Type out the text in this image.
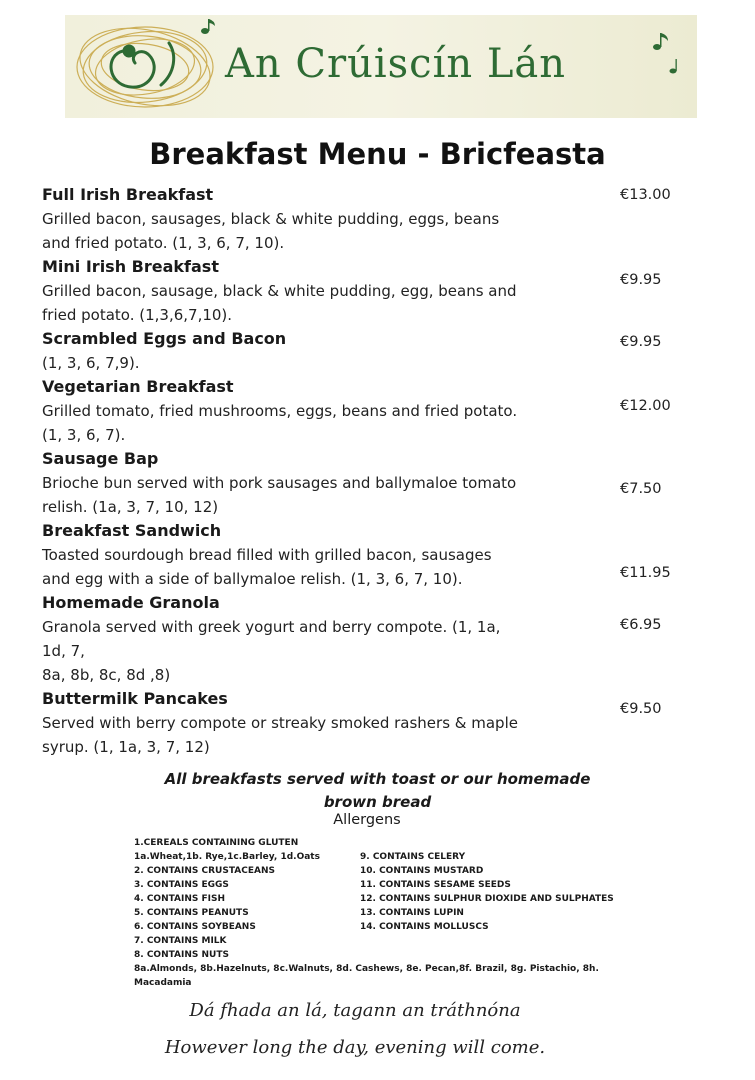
An Crúiscín Lán
Breakfast Menu - Bricfeasta
Full Irish Breakfast
Grilled bacon, sausages, black & white pudding, eggs, beans
and fried potato. (1, 3, 6, 7, 10).
€13.00
Mini Irish Breakfast
Grilled bacon, sausage, black & white pudding, egg, beans and
fried potato. (1,3,6,7,10).
€9.95
Scrambled Eggs and Bacon
(1, 3, 6, 7,9).
€9.95
Vegetarian Breakfast
Grilled tomato, fried mushrooms, eggs, beans and fried potato.
(1, 3, 6, 7).
€12.00
Sausage Bap
Brioche bun served with pork sausages and ballymaloe tomato
relish. (1a, 3, 7, 10, 12)
€7.50
Breakfast Sandwich
Toasted sourdough bread filled with grilled bacon, sausages
and egg with a side of ballymaloe relish. (1, 3, 6, 7, 10).	€11.95
Homemade Granola
Granola served with greek yogurt and berry compote. (1, 1a,
1d, 7,
8a, 8b, 8c, 8d ,8)
€6.95
Buttermilk Pancakes
Served with berry compote or streaky smoked rashers & maple
syrup. (1, 1a, 3, 7, 12)
€9.50
All breakfasts served with toast or our homemade brown bread
Allergens
1.CEREALS CONTAINING GLUTEN
1a.Wheat,1b. Rye,1c.Barley, 1d.Oats
2. CONTAINS CRUSTACEANS
3. CONTAINS EGGS
4. CONTAINS FISH
5. CONTAINS PEANUTS
6. CONTAINS SOYBEANS
7. CONTAINS MILK
8. CONTAINS NUTS
9. CONTAINS CELERY
10. CONTAINS MUSTARD
11. CONTAINS SESAME SEEDS
12. CONTAINS SULPHUR DIOXIDE AND SULPHATES
13. CONTAINS LUPIN
14. CONTAINS MOLLUSCS
8a.Almonds, 8b.Hazelnuts, 8c.Walnuts, 8d. Cashews, 8e. Pecan,8f. Brazil, 8g. Pistachio, 8h. Macadamia
Dá fhada an lá, tagann an tráthnóna
However long the day, evening will come.
